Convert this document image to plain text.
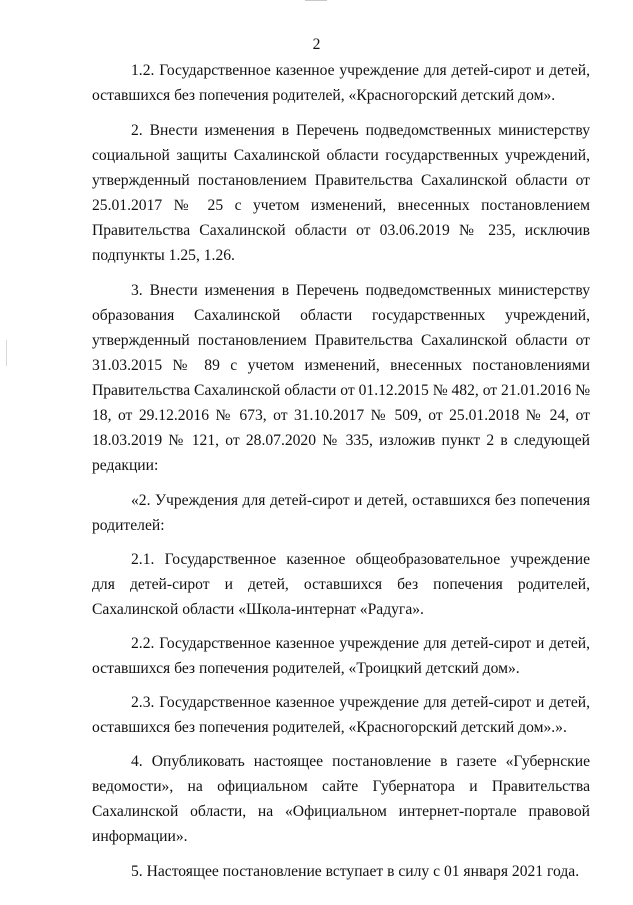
2

1.2. Государственное казенное учреждение для детей-сирот и детей, оставшихся без попечения родителей, «Красногорский детский дом».

2. Внести изменения в Перечень подведомственных министерству социальной защиты Сахалинской области государственных учреждений, утвержденный постановлением Правительства Сахалинской области от 25.01.2017 № 25 с учетом изменений, внесенных постановлением Правительства Сахалинской области от 03.06.2019 № 235, исключив подпункты 1.25, 1.26.

3. Внести изменения в Перечень подведомственных министерству образования Сахалинской области государственных учреждений, утвержденный постановлением Правительства Сахалинской области от 31.03.2015 № 89 с учетом изменений, внесенных постановлениями Правительства Сахалинской области от 01.12.2015 № 482, от 21.01.2016 № 18, от 29.12.2016 № 673, от 31.10.2017 № 509, от 25.01.2018 № 24, от 18.03.2019 № 121, от 28.07.2020 № 335, изложив пункт 2 в следующей редакции:

«2. Учреждения для детей-сирот и детей, оставшихся без попечения родителей:

2.1. Государственное казенное общеобразовательное учреждение для детей-сирот и детей, оставшихся без попечения родителей, Сахалинской области «Школа-интернат «Радуга».

2.2. Государственное казенное учреждение для детей-сирот и детей, оставшихся без попечения родителей, «Троицкий детский дом».

2.3. Государственное казенное учреждение для детей-сирот и детей, оставшихся без попечения родителей, «Красногорский детский дом».».

4. Опубликовать настоящее постановление в газете «Губернские ведомости», на официальном сайте Губернатора и Правительства Сахалинской области, на «Официальном интернет-портале правовой информации».

5. Настоящее постановление вступает в силу с 01 января 2021 года.
